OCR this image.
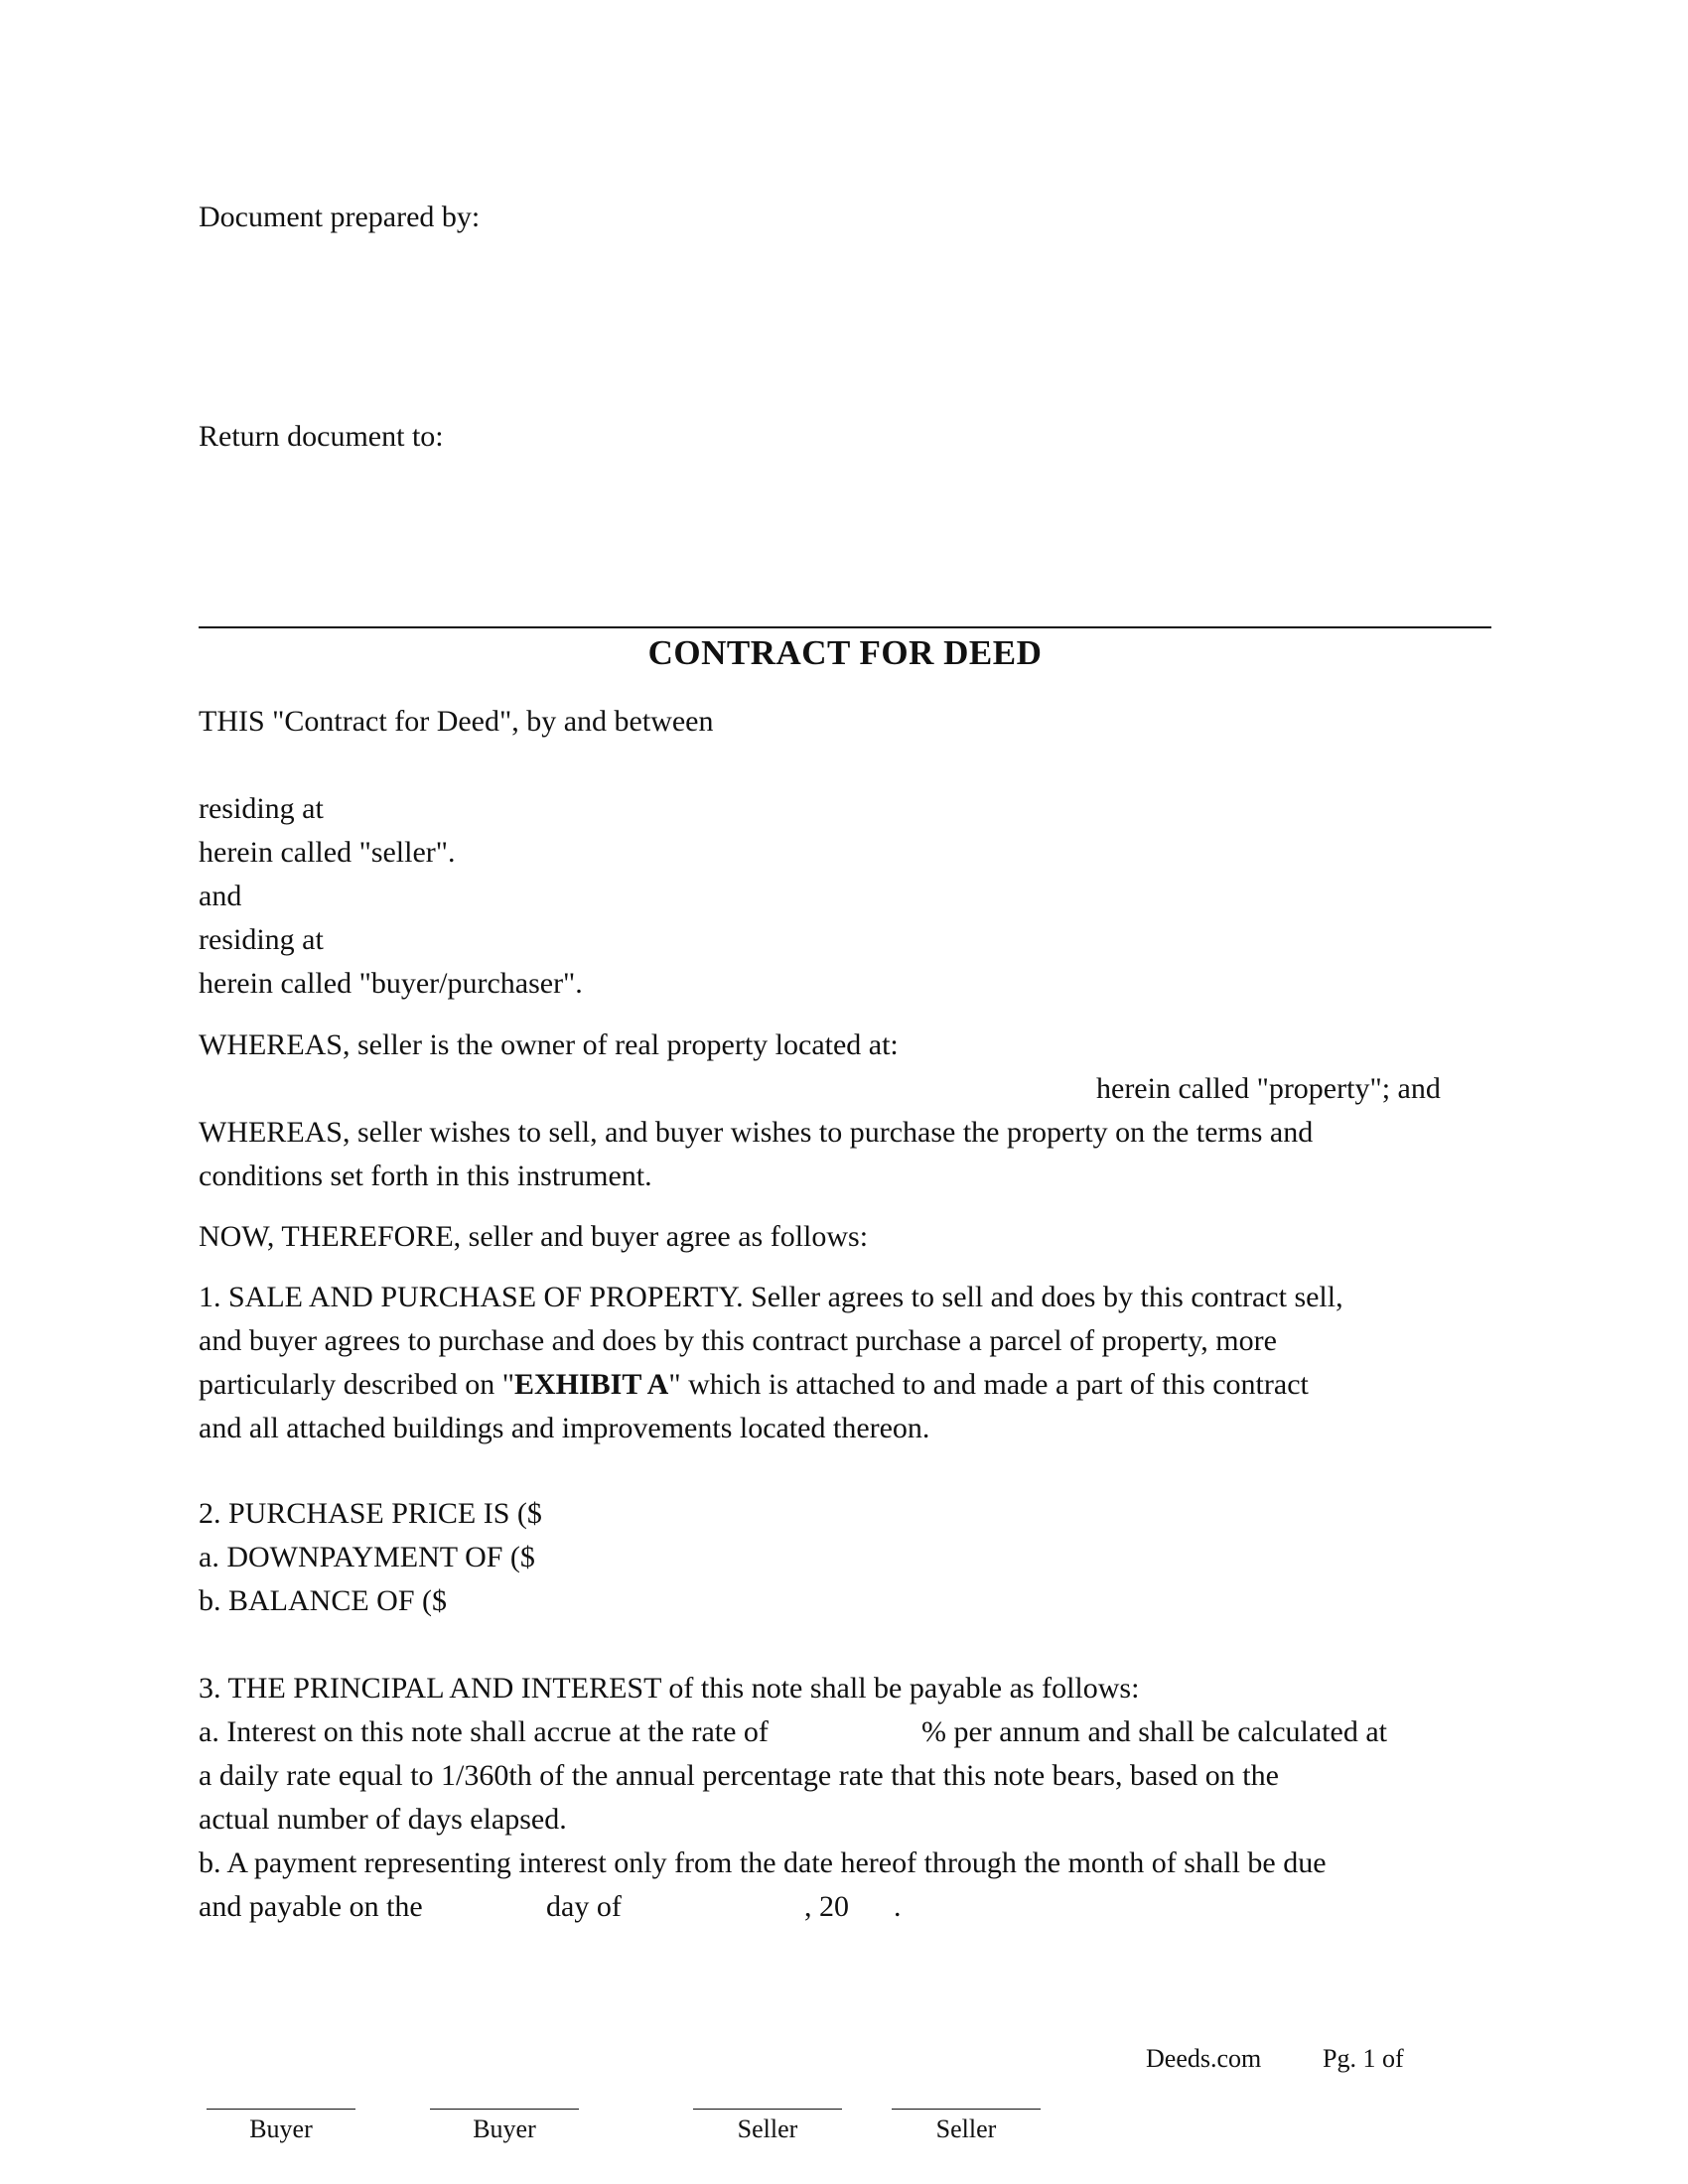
Document prepared by:
Return document to:
CONTRACT FOR DEED
THIS "Contract for Deed", by and between
residing at
herein called "seller".
and
residing at
herein called "buyer/purchaser".
WHEREAS, seller is the owner of real property located at:
herein called "property"; and
WHEREAS, seller wishes to sell, and buyer wishes to purchase the property on the terms and
conditions set forth in this instrument.
NOW, THEREFORE, seller and buyer agree as follows:
1. SALE AND PURCHASE OF PROPERTY. Seller agrees to sell and does by this contract sell,
and buyer agrees to purchase and does by this contract purchase a parcel of property, more
particularly described on "EXHIBIT A" which is attached to and made a part of this contract
and all attached buildings and improvements located thereon.
2. PURCHASE PRICE IS ($
a. DOWNPAYMENT OF ($
b. BALANCE OF ($
3. THE PRINCIPAL AND INTEREST of this note shall be payable as follows:
a. Interest on this note shall accrue at the rate of	% per annum and shall be calculated at
a daily rate equal to 1/360th of the annual percentage rate that this note bears, based on the
actual number of days elapsed.
b. A payment representing interest only from the date hereof through the month of shall be due
and payable on the	day of	, 20 .
Deeds.com Pg. 1 of
Buyer	Buyer	Seller	Seller
